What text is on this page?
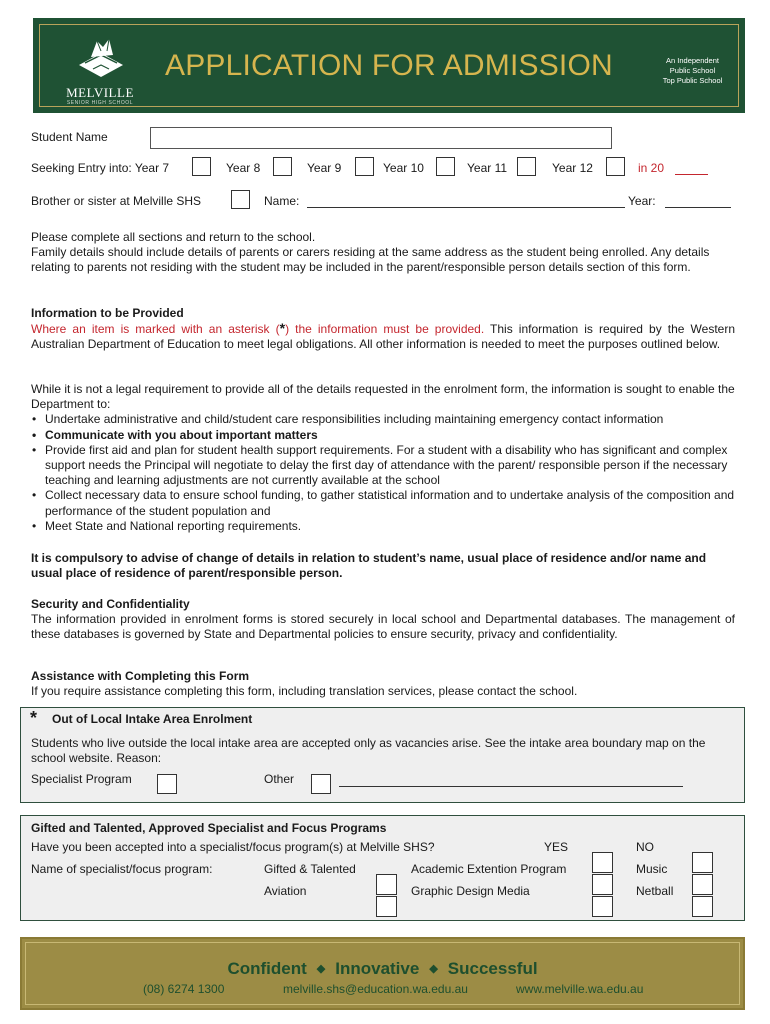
MELVILLE
SENIOR HIGH SCHOOL
APPLICATION FOR ADMISSION	An Independent
Public School
Top Public School
Student Name
Seeking Entry into: Year 7	Year 8	Year 9	Year 10	Year 11	Year 12	in 20
Brother or sister at Melville SHS	Name:	Year:
Please complete all sections and return to the school.
Family details should include details of parents or carers residing at the same address as the student being enrolled. Any details relating to parents not residing with the student may be included in the parent/responsible person details section of this form.
Information to be Provided
Where an item is marked with an asterisk (*) the information must be provided. This information is required by the Western Australian Department of Education to meet legal obligations. All other information is needed to meet the purposes outlined below.
While it is not a legal requirement to provide all of the details requested in the enrolment form, the information is sought to enable the Department to:
• Undertake administrative and child/student care responsibilities including maintaining emergency contact information
• Communicate with you about important matters
• Provide first aid and plan for student health support requirements. For a student with a disability who has significant and complex support needs the Principal will negotiate to delay the first day of attendance with the parent/ responsible person if the necessary teaching and learning adjustments are not currently available at the school
• Collect necessary data to ensure school funding, to gather statistical information and to undertake analysis of the composition and performance of the student population and
• Meet State and National reporting requirements.
It is compulsory to advise of change of details in relation to student’s name, usual place of residence and/or name and usual place of residence of parent/responsible person.
Security and Confidentiality
The information provided in enrolment forms is stored securely in local school and Departmental databases. The management of these databases is governed by State and Departmental policies to ensure security, privacy and confidentiality.
Assistance with Completing this Form
If you require assistance completing this form, including translation services, please contact the school.
* Out of Local Intake Area Enrolment
Students who live outside the local intake area are accepted only as vacancies arise. See the intake area boundary map on the school website. Reason:
Specialist Program	Other
Gifted and Talented, Approved Specialist and Focus Programs
Have you been accepted into a specialist/focus program(s) at Melville SHS?	YES	NO
Name of specialist/focus program:	Gifted & Talented	Academic Extention Program	Music
Aviation	Graphic Design Media	Netball
Confident ◆ Innovative ◆ Successful
(08) 6274 1300	melville.shs@education.wa.edu.au	www.melville.wa.edu.au
